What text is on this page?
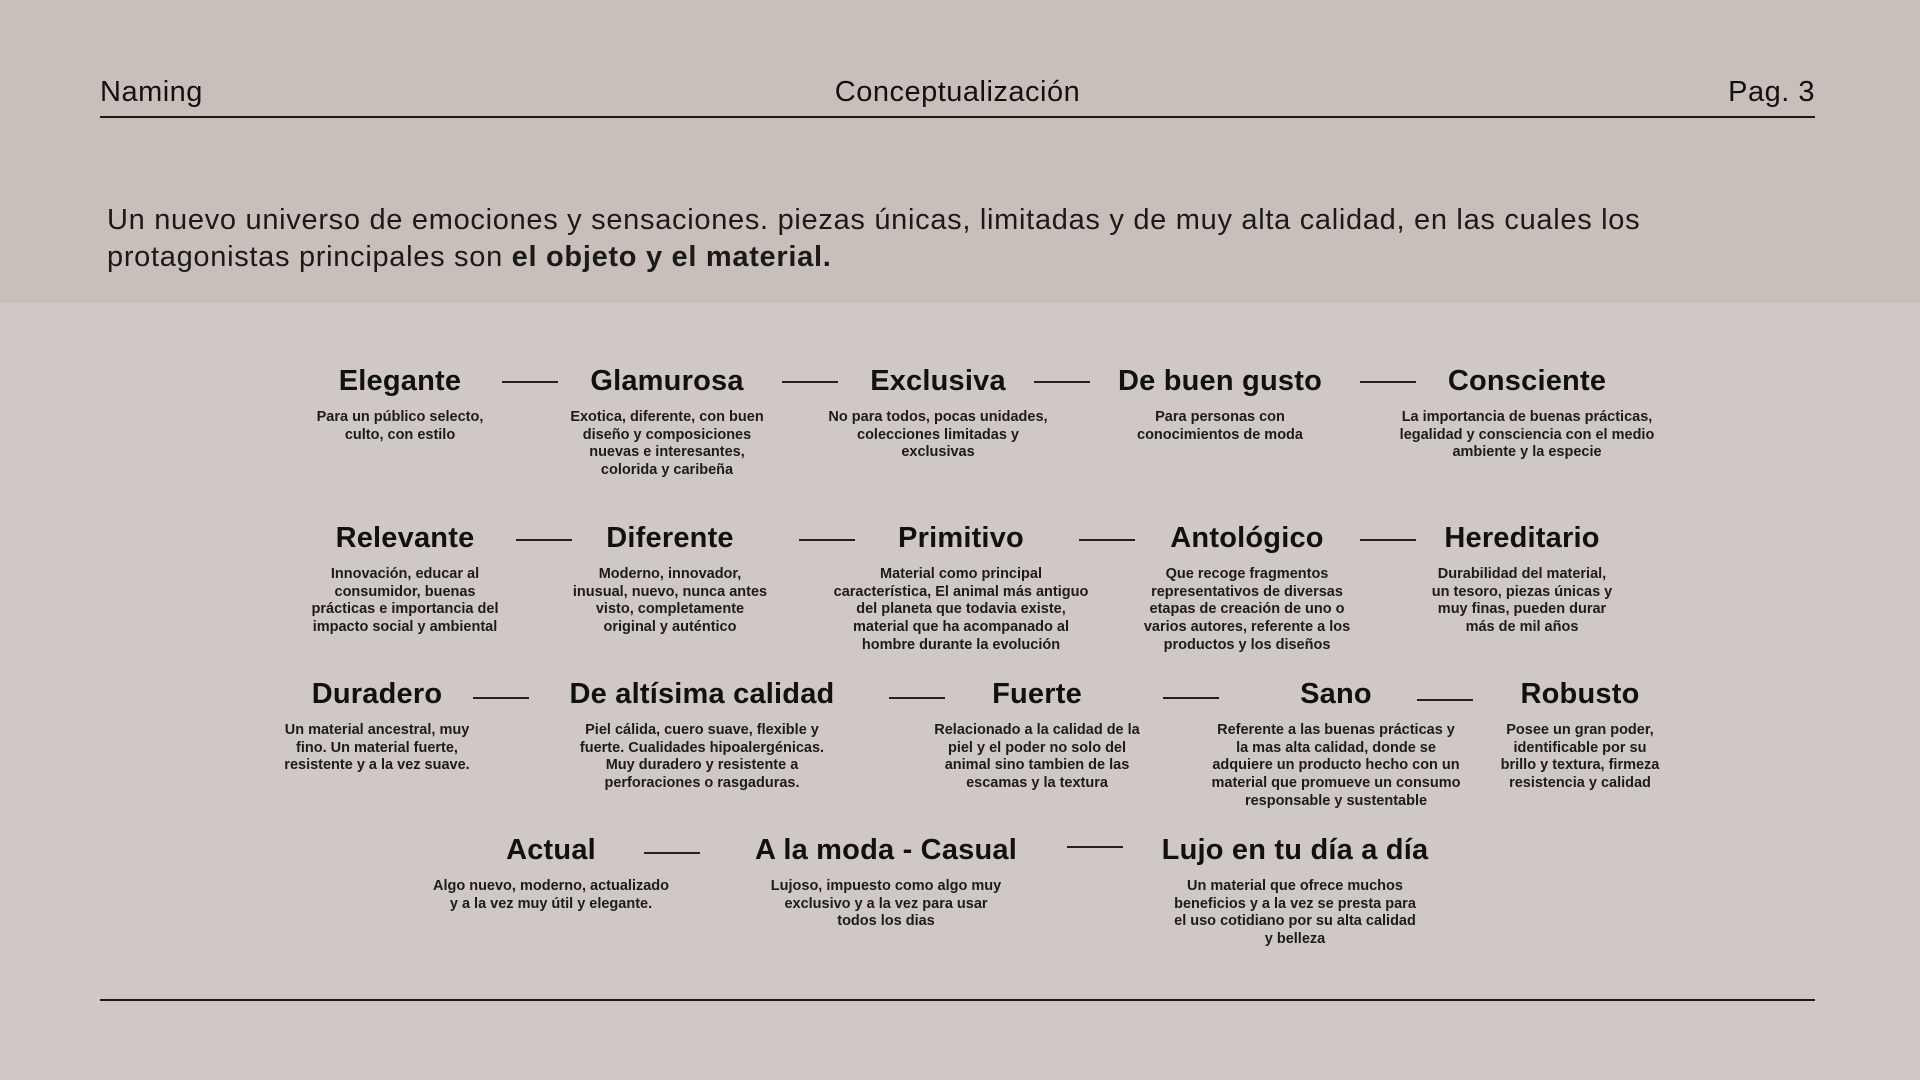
Naming	Conceptualización	Pag. 3
Un nuevo universo de emociones y sensaciones. piezas únicas, limitadas y de muy alta calidad, en las cuales los protagonistas principales son el objeto y el material.
Elegante
Para un público selecto,
culto, con estilo
Glamurosa
Exotica, diferente, con buen
diseño y composiciones
nuevas e interesantes,
colorida y caribeña
Exclusiva
No para todos, pocas unidades,
colecciones limitadas y
exclusivas
De buen gusto
Para personas con
conocimientos de moda
Consciente
La importancia de buenas prácticas,
legalidad y consciencia con el medio
ambiente y la especie
Relevante
Innovación, educar al
consumidor, buenas
prácticas e importancia del
impacto social y ambiental
Diferente
Moderno, innovador,
inusual, nuevo, nunca antes
visto, completamente
original y auténtico
Primitivo
Material como principal
característica, El animal más antiguo
del planeta que todavia existe,
material que ha acompanado al
hombre durante la evolución
Antológico
Que recoge fragmentos
representativos de diversas
etapas de creación de uno o
varios autores, referente a los
productos y los diseños
Hereditario
Durabilidad del material,
un tesoro, piezas únicas y
muy finas, pueden durar
más de mil años
Duradero
Un material ancestral, muy
fino. Un material fuerte,
resistente y a la vez suave.
De altísima calidad
Piel cálida, cuero suave, flexible y
fuerte. Cualidades hipoalergénicas.
Muy duradero y resistente a
perforaciones o rasgaduras.
Fuerte
Relacionado a la calidad de la
piel y el poder no solo del
animal sino tambien de las
escamas y la textura
Sano
Referente a las buenas prácticas y
la mas alta calidad, donde se
adquiere un producto hecho con un
material que promueve un consumo
responsable y sustentable
Robusto
Posee un gran poder,
identificable por su
brillo y textura, firmeza
resistencia y calidad
Actual
Algo nuevo, moderno, actualizado
y a la vez muy útil y elegante.
A la moda - Casual
Lujoso, impuesto como algo muy
exclusivo y a la vez para usar
todos los dias
Lujo en tu día a día
Un material que ofrece muchos
beneficios y a la vez se presta para
el uso cotidiano por su alta calidad
y belleza
